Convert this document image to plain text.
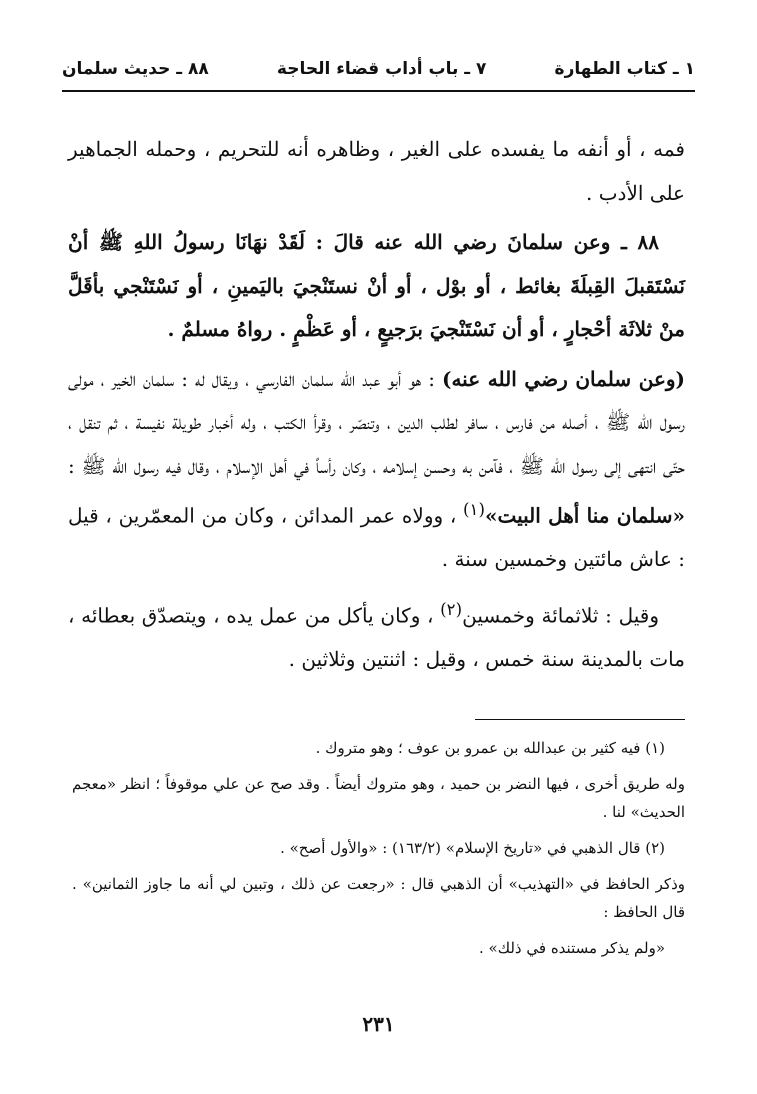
١ ـ كتاب الطهارة
٧ ـ باب أداب قضاء الحاجة
٨٨ ـ حديث سلمان

فمه ، أو أنفه ما يفسده على الغير ، وظاهره أنه للتحريم ، وحمله الجماهير على الأدب .

٨٨ ـ وعن سلمانَ رضي الله عنه قالَ : لَقَدْ نهَانَا رسولُ اللهِ ﷺ أنْ نَسْتَقبلَ القِبلَةَ بغائط ، أو بوْل ، أو أنْ نستَنْجيَ باليَمينِ ، أو نَسْتَنْجي بأقَلَّ منْ ثلاثَة أحْجارٍ ، أو أن نَسْتَنْجيَ برَجيعٍ ، أو عَظْمٍ . رواهُ مسلمٌ .

(وعن سلمان رضي الله عنه) : هو أبو عبد الله سلمان الفارسي ، ويقال له : سلمان الخير ، مولى رسول الله ﷺ ، أصله من فارس ، سافر لطلب الدين ، وتنصّر ، وقرأ الكتب ، وله أخبار طويلة نفيسة ، ثم تنقل ، حتّى انتهى إلى رسول الله ﷺ ، فآمن به وحسن إسلامه ، وكان رأساً في أهل الإسلام ، وقال فيه رسول الله ﷺ : «سلمان منا أهل البيت»$^{(١)}$ ، وولاه عمر المدائن ، وكان من المعمّرين ، قيل : عاش مائتين وخمسين سنة .

وقيل : ثلاثمائة وخمسين$^{(٢)}$ ، وكان يأكل من عمل يده ، ويتصدّق بعطائه ، مات بالمدينة سنة خمس ، وقيل : اثنتين وثلاثين .

(١) فيه كثير بن عبدالله بن عمرو بن عوف ؛ وهو متروك .

وله طريق أخرى ، فيها النضر بن حميد ، وهو متروك أيضاً . وقد صح عن علي موقوفاً ؛ انظر «معجم الحديث» لنا .

(٢) قال الذهبي في «تاريخ الإسلام» (١٦٣/٢) : «والأول أصح» .

وذكر الحافظ في «التهذيب» أن الذهبي قال : «رجعت عن ذلك ، وتبين لي أنه ما جاوز الثمانين» . قال الحافظ :

«ولم يذكر مستنده في ذلك» .

٢٣١
